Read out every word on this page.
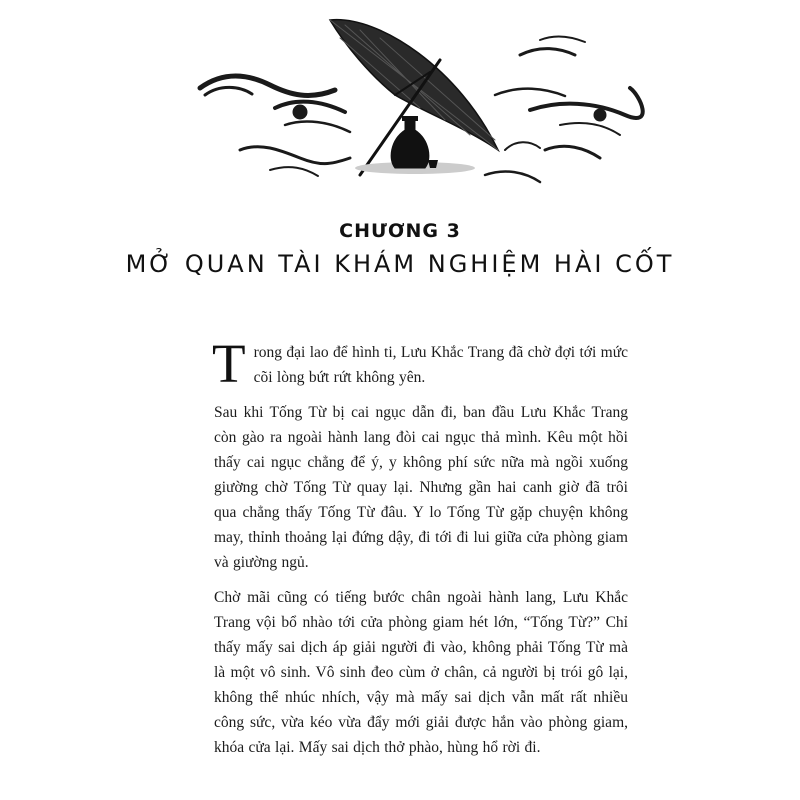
CHƯƠNG 3
MỞ QUAN TÀI KHÁM NGHIỆM HÀI CỐT

Trong đại lao để hình ti, Lưu Khắc Trang đã chờ đợi tới mức cõi lòng bứt rứt không yên.

Sau khi Tống Từ bị cai ngục dẫn đi, ban đầu Lưu Khắc Trang còn gào ra ngoài hành lang đòi cai ngục thả mình. Kêu một hồi thấy cai ngục chẳng để ý, y không phí sức nữa mà ngồi xuống giường chờ Tống Từ quay lại. Nhưng gần hai canh giờ đã trôi qua chẳng thấy Tống Từ đâu. Y lo Tống Từ gặp chuyện không may, thỉnh thoảng lại đứng dậy, đi tới đi lui giữa cửa phòng giam và giường ngủ.

Chờ mãi cũng có tiếng bước chân ngoài hành lang, Lưu Khắc Trang vội bổ nhào tới cửa phòng giam hét lớn, “Tống Từ?” Chỉ thấy mấy sai dịch áp giải người đi vào, không phải Tống Từ mà là một vô sinh. Vô sinh đeo cùm ở chân, cả người bị trói gô lại, không thể nhúc nhích, vậy mà mấy sai dịch vẫn mất rất nhiều công sức, vừa kéo vừa đẩy mới giải được hắn vào phòng giam, khóa cửa lại. Mấy sai dịch thở phào, hùng hổ rời đi.
